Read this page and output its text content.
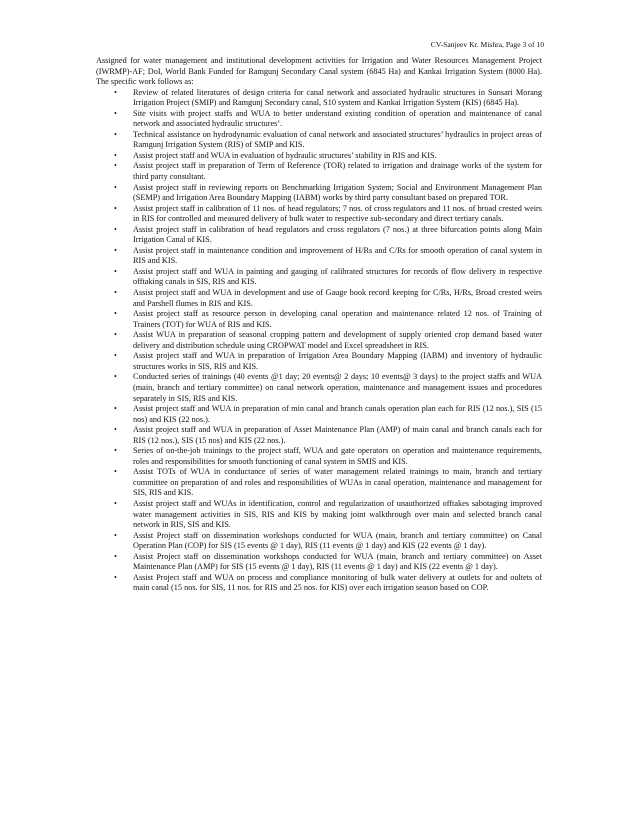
CV-Sanjeev Kr. Mishra, Page 3 of 10

Assigned for water management and institutional development activities for Irrigation and Water Resources Management Project (IWRMP)-AF; DoI, World Bank Funded for Ramgunj Secondary Canal system (6845 Ha) and Kankai Irrigation System (8000 Ha). The specific work follows as:

•	Review of related literatures of design criteria for canal network and associated hydraulic structures in Sunsari Morang Irrigation Project (SMIP) and Ramgunj Secondary canal, S10 system and Kankai Irrigation System (KIS) (6845 Ha).
•	Site visits with project staffs and WUA to better understand existing condition of operation and maintenance of canal network and associated hydraulic structures’.
•	Technical assistance on hydrodynamic evaluation of canal network and associated structures’ hydraulics in project areas of Ramgunj Irrigation System (RIS) of SMIP and KIS.
•	Assist project staff and WUA in evaluation of hydraulic structures’ stability in RIS and KIS.
•	Assist project staff in preparation of Term of Reference (TOR) related to irrigation and drainage works of the system for third party consultant.
•	Assist project staff in reviewing reports on Benchmarking Irrigation System; Social and Environment Management Plan (SEMP) and Irrigation Area Boundary Mapping (IABM) works by third party consultant based on prepared TOR.
•	Assist project staff in calibration of 11 nos. of head regulators; 7 nos. of cross regulators and 11 nos. of broad crested weirs in RIS for controlled and measured delivery of bulk water to respective sub-secondary and direct tertiary canals.
•	Assist project staff in calibration of head regulators and cross regulators (7 nos.) at three bifurcation points along Main Irrigation Canal of KIS.
•	Assist project staff in maintenance condition and improvement of H/Rs and C/Rs for smooth operation of canal system in RIS and KIS.
•	Assist project staff and WUA in painting and gauging of calibrated structures for records of flow delivery in respective offtaking canals in SIS, RIS and KIS.
•	Assist project staff and WUA in development and use of Gauge book record keeping for C/Rs, H/Rs, Broad crested weirs and Parshell flumes in RIS and KIS.
•	Assist project staff as resource person in developing canal operation and maintenance related 12 nos. of Training of Trainers (TOT) for WUA of RIS and KIS.
•	Assist WUA in preparation of seasonal cropping pattern and development of supply oriented crop demand based water delivery and distribution schedule using CROPWAT model and Excel spreadsheet in RIS.
•	Assist project staff and WUA in preparation of Irrigation Area Boundary Mapping (IABM) and inventory of hydraulic structures works in SIS, RIS and KIS.
•	Conducted series of trainings (40 events @1 day; 20 events@ 2 days; 10 events@ 3 days) to the project staffs and WUA (main, branch and tertiary committee) on canal network operation, maintenance and management issues and procedures separately in SIS, RIS and KIS.
•	Assist project staff and WUA in preparation of min canal and branch canals operation plan each for RIS (12 nos.), SIS (15 nos) and KIS (22 nos.).
•	Assist project staff and WUA in preparation of Asset Maintenance Plan (AMP) of main canal and branch canals each for RIS (12 nos.), SIS (15 nos) and KIS (22 nos.).
•	Series of on-the-job trainings to the project staff, WUA and gate operators on operation and maintenance requirements, roles and responsibilities for smooth functioning of canal system in SMIS and KIS.
•	Assist TOTs of WUA in conductance of series of water management related trainings to main, branch and tertiary committee on preparation of and roles and responsibilities of WUAs in canal operation, maintenance and management for SIS, RIS and KIS.
•	Assist project staff and WUAs in identification, control and regularization of unauthorized offtakes sabotaging improved water management activities in SIS, RIS and KIS by making joint walkthrough over main and selected branch canal network in RIS, SIS and KIS.
•	Assist Project staff on dissemination workshops conducted for WUA (main, branch and tertiary committee) on Canal Operation Plan (COP) for SIS (15 events @ 1 day), RIS (11 events @ 1 day) and KIS (22 events @ 1 day).
•	Assist Project staff on dissemination workshops conducted for WUA (main, branch and tertiary committee) on Asset Maintenance Plan (AMP) for SIS (15 events @ 1 day), RIS (11 events @ 1 day) and KIS (22 events @ 1 day).
•	Assist Project staff and WUA on process and compliance monitoring of bulk water delivery at outlets for and oultets of main canal (15 nos. for SIS, 11 nos. for RIS and 25 nos. for KIS) over each irrigation season based on COP.
